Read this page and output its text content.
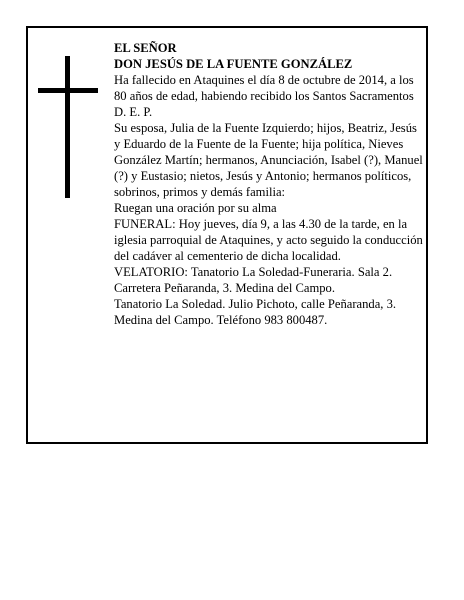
EL SEÑOR

DON JESÚS DE LA FUENTE GONZÁLEZ

Ha fallecido en Ataquines el día 8 de octubre de 2014, a los 80 años de edad, habiendo recibido los Santos Sacramentos

D. E. P.

Su esposa, Julia de la Fuente Izquierdo; hijos, Beatriz, Jesús y Eduardo de la Fuente de la Fuente; hija política, Nieves González Martín; hermanos, Anunciación, Isabel (?), Manuel (?) y Eustasio; nietos, Jesús y Antonio; hermanos políticos, sobrinos, primos y demás familia:

Ruegan una oración por su alma

FUNERAL: Hoy jueves, día 9, a las 4.30 de la tarde, en la iglesia parroquial de Ataquines, y acto seguido la conducción del cadáver al cementerio de dicha localidad.

VELATORIO: Tanatorio La Soledad-Funeraria. Sala 2. Carretera Peñaranda, 3. Medina del Campo.

Tanatorio La Soledad. Julio Pichoto, calle Peñaranda, 3. Medina del Campo. Teléfono 983 800487.
